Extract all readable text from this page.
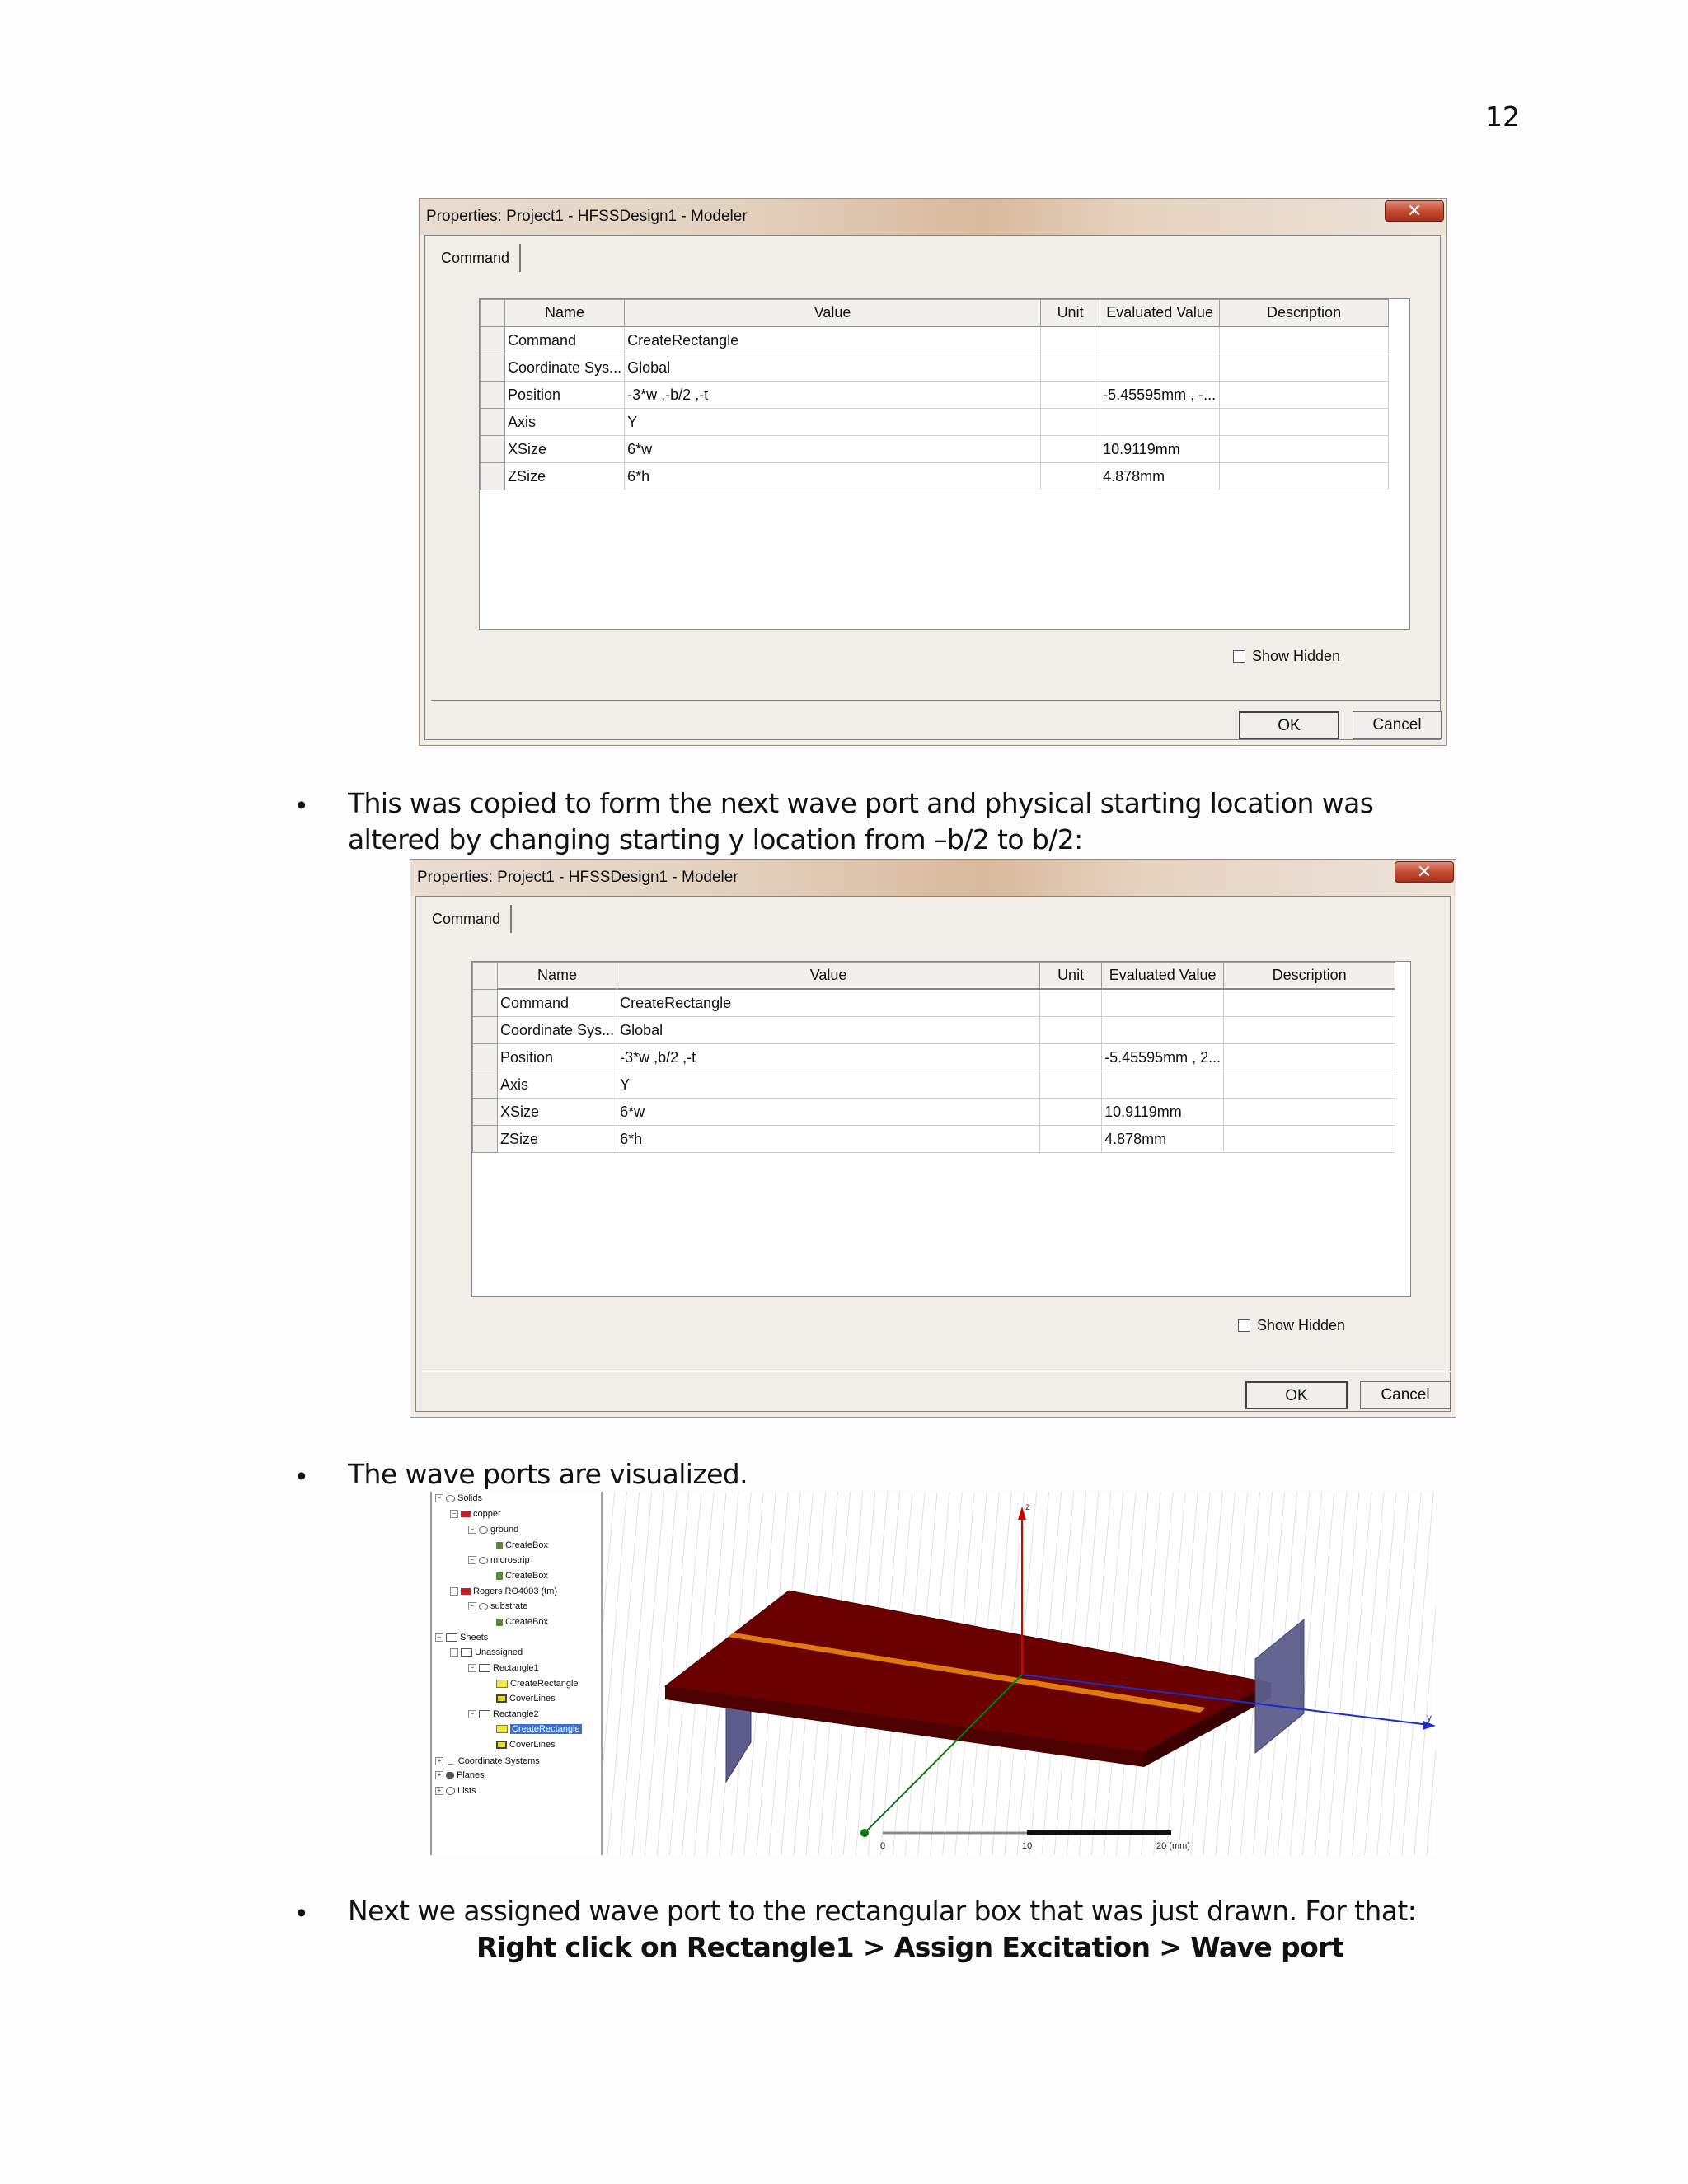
12
Properties: Project1 - HFSSDesign1 - Modeler	✕
Command
	Name	Value	Unit	Evaluated Value	Description
	Command	CreateRectangle			
	Coordinate Sys...	Global			
	Position	-3*w ,-b/2 ,-t		-5.45595mm , -...	
	Axis	Y			
	XSize	6*w		10.9119mm	
	ZSize	6*h		4.878mm	
Show Hidden
OK	Cancel
• This was copied to form the next wave port and physical starting location was altered by changing starting y location from –b/2 to b/2:
Properties: Project1 - HFSSDesign1 - Modeler	✕
Command
	Name	Value	Unit	Evaluated Value	Description
	Command	CreateRectangle			
	Coordinate Sys...	Global			
	Position	-3*w ,b/2 ,-t		-5.45595mm , 2...	
	Axis	Y			
	XSize	6*w		10.9119mm	
	ZSize	6*h		4.878mm	
Show Hidden
OK	Cancel
• The wave ports are visualized.
− Solids
− copper
− ground
CreateBox
− microstrip
CreateBox
− Rogers RO4003 (tm)
− substrate
CreateBox
− Sheets
− Unassigned
− Rectangle1
CreateRectangle
CoverLines
− Rectangle2
CreateRectangle
CoverLines
+ ∟ Coordinate Systems
+ Planes
+ Lists
z
y
0	10	20 (mm)
• Next we assigned wave port to the rectangular box that was just drawn. For that:
Right click on Rectangle1 > Assign Excitation > Wave port
